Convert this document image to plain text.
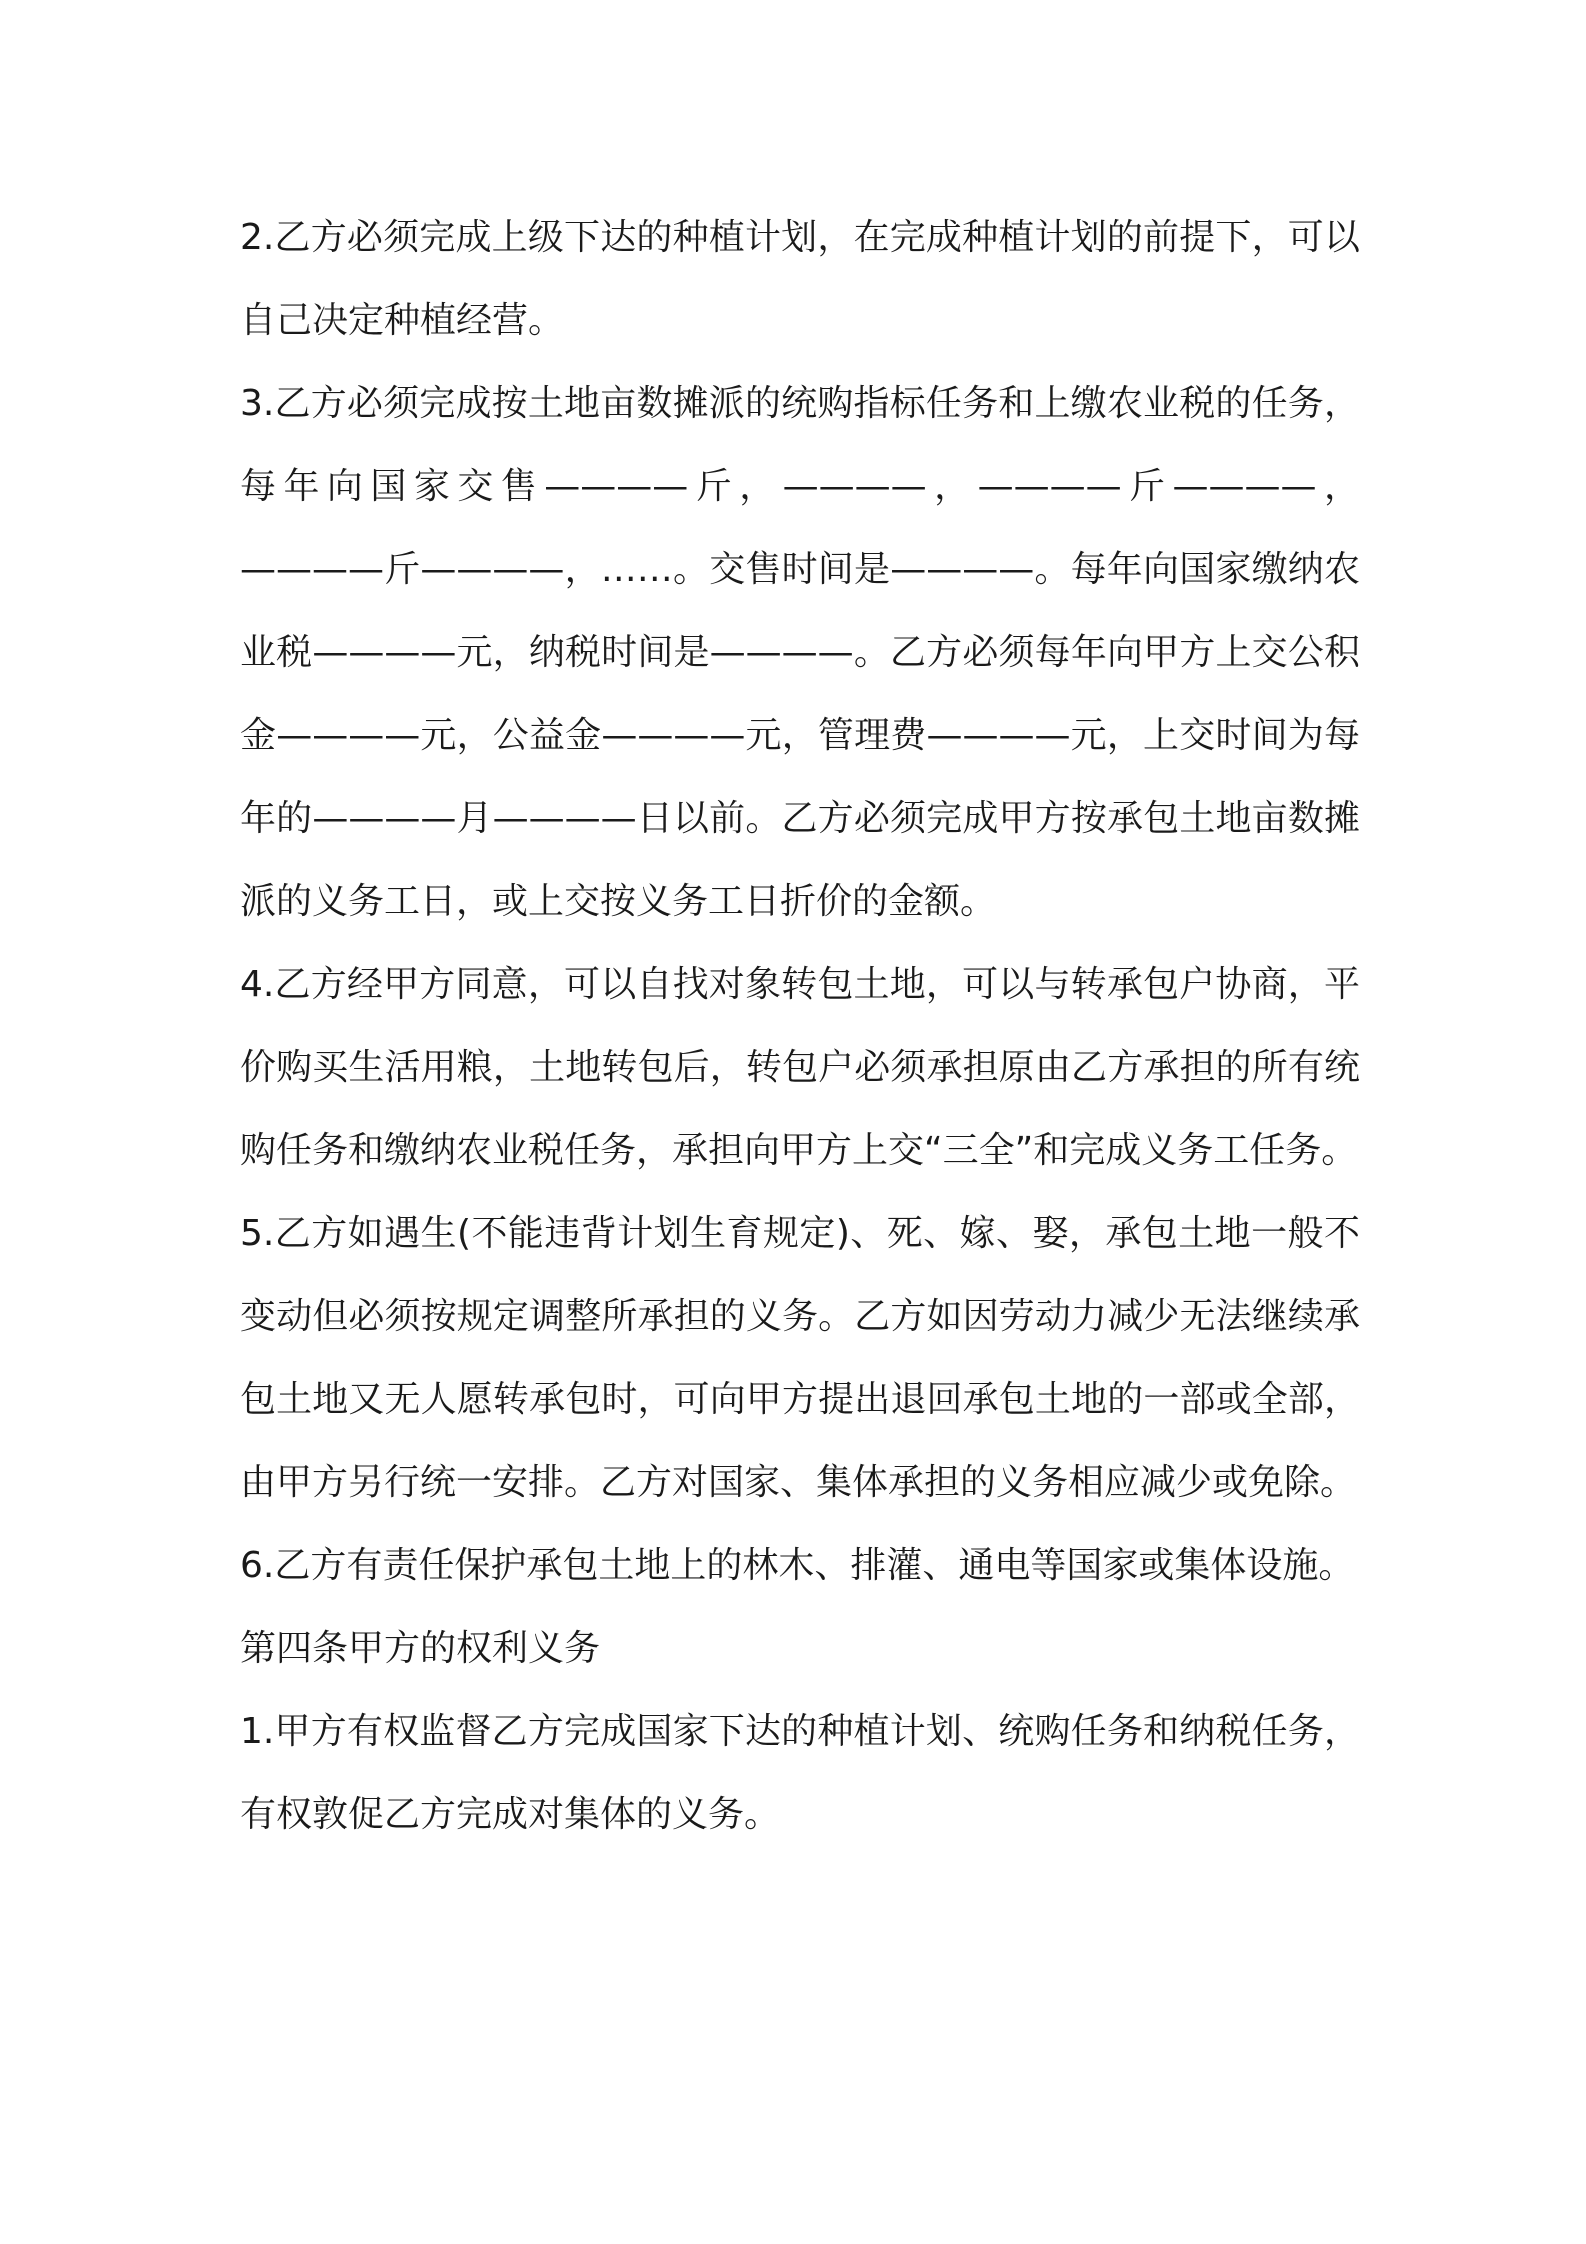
2.乙方必须完成上级下达的种植计划，在完成种植计划的前提下，可以自己决定种植经营。

3.乙方必须完成按土地亩数摊派的统购指标任务和上缴农业税的任务，每年向国家交售————斤，————，————斤————，————斤————，……。交售时间是————。每年向国家缴纳农业税————元，纳税时间是————。乙方必须每年向甲方上交公积金————元，公益金————元，管理费————元，上交时间为每年的————月————日以前。乙方必须完成甲方按承包土地亩数摊派的义务工日，或上交按义务工日折价的金额。

4.乙方经甲方同意，可以自找对象转包土地，可以与转承包户协商，平价购买生活用粮，土地转包后，转包户必须承担原由乙方承担的所有统购任务和缴纳农业税任务，承担向甲方上交“三全”和完成义务工任务。

5.乙方如遇生(不能违背计划生育规定)、死、嫁、娶，承包土地一般不变动但必须按规定调整所承担的义务。乙方如因劳动力减少无法继续承包土地又无人愿转承包时，可向甲方提出退回承包土地的一部或全部，由甲方另行统一安排。乙方对国家、集体承担的义务相应减少或免除。

6.乙方有责任保护承包土地上的林木、排灌、通电等国家或集体设施。

第四条甲方的权利义务

1.甲方有权监督乙方完成国家下达的种植计划、统购任务和纳税任务，有权敦促乙方完成对集体的义务。
